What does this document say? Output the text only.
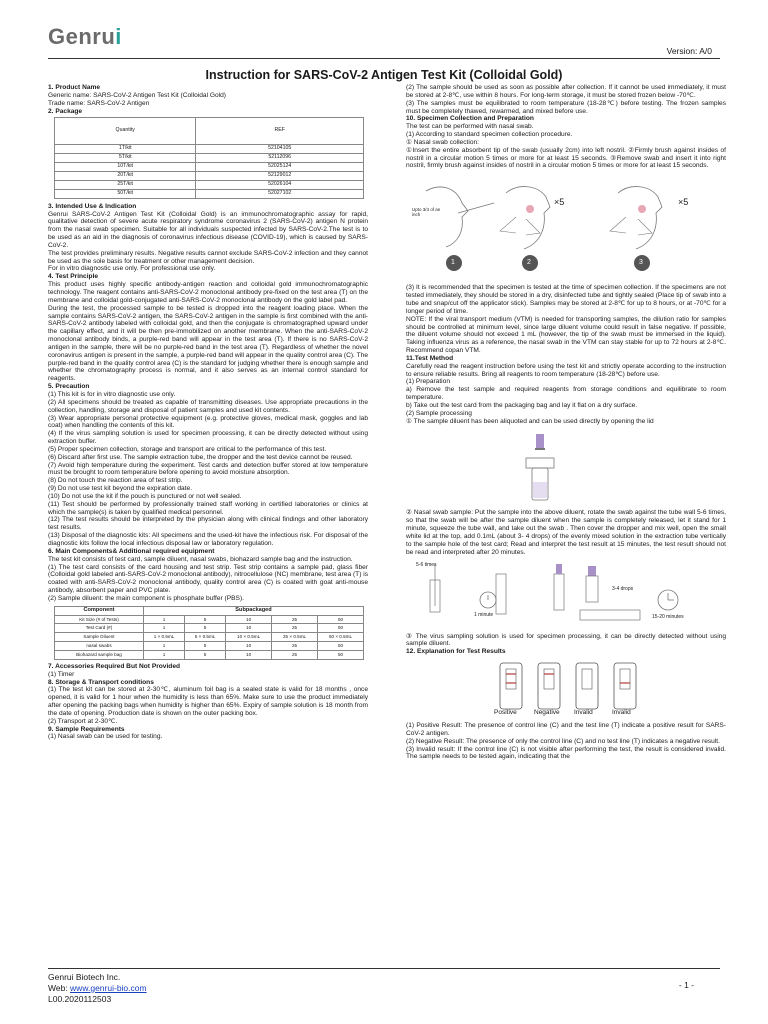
Genrui
Version: A/0
Instruction for SARS-CoV-2 Antigen Test Kit (Colloidal Gold)

1. Product Name

Generic name: SARS-CoV-2 Antigen Test Kit (Colloidal Gold)

Trade name: SARS-CoV-2 Antigen

2. Package

Quantity	REF
1T/kit	52104105
5T/kit	52112096
10T/kit	52025124
20T/kit	52129012
25T/kit	52026104
50T/kit	52027102

3. Intended Use & Indication

Genrui SARS-CoV-2 Antigen Test Kit (Colloidal Gold) is an immunochromatographic assay for rapid, qualitative detection of severe acute respiratory syndrome coronavirus 2 (SARS-CoV-2) antigen N protein from the nasal swab specimen. Suitable for all individuals suspected infected by SARS-CoV-2.The test is to be used as an aid in the diagnosis of coronavirus infectious disease (COVID-19), which is caused by SARS-CoV-2.

The test provides preliminary results. Negative results cannot exclude SARS-CoV-2 infection and they cannot be used as the sole basis for treatment or other management decision.

For in vitro diagnostic use only. For professional use only.

4. Test Principle

This product uses highly specific antibody-antigen reaction and colloidal gold immunochromatographic technology. The reagent contains anti-SARS-CoV-2 monoclonal antibody pre-fixed on the test area (T) on the membrane and colloidal gold-conjugated anti-SARS-CoV-2 monoclonal antibody on the gold label pad.

During the test, the processed sample to be tested is dropped into the reagent loading place. When the sample contains SARS-CoV-2 antigen, the SARS-CoV-2 antigen in the sample is first combined with the anti-SARS-CoV-2 antibody labeled with colloidal gold, and then the conjugate is chromatographed upward under the capillary effect, and it will be then pre-immobilized on another membrane. When the anti-SARS-CoV-2 monoclonal antibody binds, a purple-red band will appear in the test area (T). If there is no SARS-CoV-2 antigen in the sample, there will be no purple-red band in the test area (T). Regardless of whether the novel coronavirus antigen is present in the sample, a purple-red band will appear in the quality control area (C). The purple-red band in the quality control area (C) is the standard for judging whether there is enough sample and whether the chromatography process is normal, and it also serves as an internal control standard for reagents.

5. Precaution

(1) This kit is for in vitro diagnostic use only.

(2) All specimens should be treated as capable of transmitting diseases. Use appropriate precautions in the collection, handling, storage and disposal of patient samples and used kit contents.

(3) Wear appropriate personal protective equipment (e.g. protective gloves, medical mask, goggles and lab coat) when handling the contents of this kit.

(4) If the virus sampling solution is used for specimen processing, it can be directly detected without using extraction buffer.

(5) Proper specimen collection, storage and transport are critical to the performance of this test.

(6) Discard after first use. The sample extraction tube, the dropper and the test device cannot be reused.

(7) Avoid high temperature during the experiment. Test cards and detection buffer stored at low temperature must be brought to room temperature before opening to avoid moisture absorption.

(8) Do not touch the reaction area of test strip.

(9) Do not use test kit beyond the expiration date.

(10) Do not use the kit if the pouch is punctured or not well sealed.

(11) Test should be performed by professionally trained staff working in certified laboratories or clinics at which the sample(s) is taken by qualified medical personnel.

(12) The test results should be interpreted by the physician along with clinical findings and other laboratory test results.

(13) Disposal of the diagnostic kits: All specimens and the used-kit have the infectious risk. For disposal of the diagnostic kits follow the local infectious disposal law or laboratory regulation.

6. Main Components& Additional required equipment

The test kit consists of test card, sample diluent, nasal swabs, biohazard sample bag and the instruction.

(1) The test card consists of the card housing and test strip. Test strip contains a sample pad, glass fiber (Colloidal gold labeled anti-SARS-CoV-2 monoclonal antibody), nitrocellulose (NC) membrane, test area (T) is coated with anti-SARS-CoV-2 monoclonal antibody, quality control area (C) is coated with goat anti-mouse antibody, absorbent paper and PVC plate.

(2) Sample diluent: the main component is phosphate buffer (PBS).

Component	Subpackaged				
Kit Size (# of Tests)	1	5	10	25	50
Test Card (#)	1	5	10	25	50
Sample Diluent	1 × 0.5mL	5 × 0.5mL	10 × 0.5mL	25 × 0.5mL	50 × 0.5mL
nasal swabs	1	5	10	25	50
Biohazard sample bag	1	5	10	25	50

7. Accessories Required But Not Provided

(1) Timer

8. Storage & Transport conditions

(1) The test kit can be stored at 2-30℃, aluminum foil bag is a sealed state is valid for 18 months , once opened, it is valid for 1 hour when the humidity is less than 65%. Make sure to use the product immediately after opening the packing bags when humidity is higher than 65%. Expiry of sample solution is 18 month from the date of opening. Production date is shown on the outer packing box.

(2) Transport at 2-30℃.

9. Sample Requirements

(1) Nasal swab can be used for testing.

(2) The sample should be used as soon as possible after collection. If it cannot be used immediately, it must be stored at 2-8℃, use within 8 hours. For long-term storage, it must be stored frozen below -70℃.

(3) The samples must be equilibrated to room temperature (18-28℃) before testing. The frozen samples must be completely thawed, rewarmed, and mixed before use.

10. Specimen Collection and Preparation

The test can be performed with nasal swab.

(1) According to standard specimen collection procedure.

① Nasal swab collection:

①Insert the entire absorbent tip of the swab (usually 2cm) into left nostril. ②Firmly brush against insides of nostril in a circular motion 5 times or more for at least 15 seconds. ③Remove swab and insert it into right nostril, firmly brush against insides of nostril in a circular motion 5 times or more for at least 15 seconds.

Upto 3/4 of an inch
×5	×5
1	2	3

(3) It is recommended that the specimen is tested at the time of specimen collection. If the specimens are not tested immediately, they should be stored in a dry, disinfected tube and tightly sealed (Place tip of swab into a tube and snap/cut off the applicator stick). Samples may be stored at 2-8℃ for up to 8 hours, or at -70℃ for a longer period of time.

NOTE: If the viral transport medium (VTM) is needed for transporting samples, the dilution ratio for samples should be controlled at minimum level, since large diluent volume could result in false negative. If possible, the diluent volume should not exceed 1 mL (however, the tip of the swab must be immersed in the liquid). Taking influenza virus as a reference, the nasal swab in the VTM can stay stable for up to 72 hours at 2-8℃. Recommend copan VTM.

11.Test Method

Carefully read the reagent instruction before using the test kit and strictly operate according to the instruction to ensure reliable results. Bring all reagents to room temperature (18-28℃) before use.

(1) Preparation

a) Remove the test sample and required reagents from storage conditions and equilibrate to room temperature.

b) Take out the test card from the packaging bag and lay it flat on a dry surface.

(2) Sample processing

① The sample diluent has been aliquoted and can be used directly by opening the lid

② Nasal swab sample: Put the sample into the above diluent, rotate the swab against the tube wall 5-6 times, so that the swab will be after the sample diluent when the sample is completely released, let it stand for 1 minute, squeeze the tube wall, and take out the swab . Then cover the dropper and mix well, open the small white lid at the top, add 0.1mL (about 3- 4 drops) of the evenly mixed solution in the extraction tube vertically to the sample hole of the test card; Read and interpret the test result at 15 minutes, the test result should not be read and interpreted after 20 minutes.

5-6 times
1 minute
3-4 drops
15-20 minutes

③ The virus sampling solution is used for specimen processing, it can be directly detected without using sample diluent.

12. Explanation for Test Results

Positive	Negative Invalid	Invalid

(1) Positive Result: The presence of control line (C) and the test line (T) indicate a positive result for SARS-CoV-2 antigen.

(2) Negative Result: The presence of only the control line (C) and no test line (T) indicates a negative result.

(3) Invalid result: If the control line (C) is not visible after performing the test, the result is considered invalid. The sample needs to be tested again, indicating that the

Genrui Biotech Inc.
Web: www.genrui-bio.com
L00.2020112503
- 1 -
